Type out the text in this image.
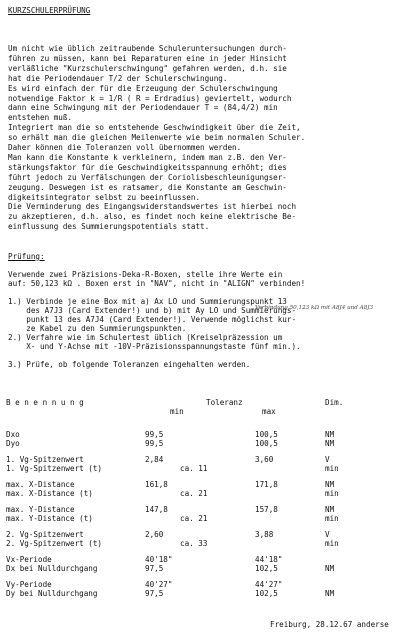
KURZSCHULERPRÜFUNG
Um nicht wie üblich zeitraubende Schuleruntersuchungen durch-
führen zu müssen, kann bei Reparaturen eine in jeder Hinsicht
verläßliche "Kurzschulerschwingung" gefahren werden, d.h. sie
hat die Periodendauer T/2 der Schulerschwingung.
Es wird einfach der für die Erzeugung der Schulerschwingung
notwendige Faktor k = 1/R ( R = Erdradius) geviertelt, wodurch
dann eine Schwingung mit der Periodendauer T = (84,4/2) min
entstehen muß.
Integriert man die so entstehende Geschwindigkeit über die Zeit,
so erhält man die gleichen Meilenwerte wie beim normalen Schuler.
Daher können die Toleranzen voll übernommen werden.
Man kann die Konstante k verkleinern, indem man z.B. den Ver-
stärkungsfaktor für die Geschwindigkeitsspannung erhöht; dies
führt jedoch zu Verfälschungen der Coriolisbeschleunigungser-
zeugung. Deswegen ist es ratsamer, die Konstante am Geschwin-
digkeitsintegrator selbst zu beeinflussen.
Die Verminderung des Eingangswiderstandswertes ist hierbei noch
zu akzeptieren, d.h. also, es findet noch keine elektrische Be-
einflussung des Summierungspotentials statt.
Prüfung:
Verwende zwei Präzisions-Deka-R-Boxen, stelle ihre Werte ein
auf: 50,123 kΩ . Boxen erst in "NAV", nicht in "ALIGN" verbinden!
1.) Verbinde je eine Box mit a) Ax LO und Summierungspunkt 13
des A7J3 (Card Extender!) und b) mit Ay LO und Summierungs-
punkt 13 des A7J4 (Card Extender!). Verwende möglichst kur-
ze Kabel zu den Summierungspunkten.
2.) Verfahre wie im Schulertest üblich (Kreiselpräzession um
X- und Y-Achse mit -10V-Präzisionsspannungstaste fünf min.).
3.) Prüfe, ob folgende Toleranzen eingehalten werden.
Verbindung 50,123 kΩ mit A8J4 und A8J3
B e n e n n u n g	Toleranz	Dim.
min	max
Dxo	99,5	100,5	NM
Dyo	99,5	100,5	NM
1. Vg-Spitzenwert	2,84	3,60	V
1. Vg-Spitzenwert (t)	ca. 11	min
max. X-Distance	161,8	171,8	NM
max. X-Distance (t)	ca. 21	min
max. Y-Distance	147,8	157,8	NM
max. Y-Distance (t)	ca. 21	min
2. Vg-Spitzenwert	2,60	3,88	V
2. Vg-Spitzenwert (t)	ca. 33	min
Vx-Periode	40'18"	44'18"
Dx bei Nulldurchgang	97,5	102,5	NM
Vy-Periode	40'27"	44'27"
Dy bei Nulldurchgang	97,5	102,5	NM
Freiburg, 28.12.67 anderse
